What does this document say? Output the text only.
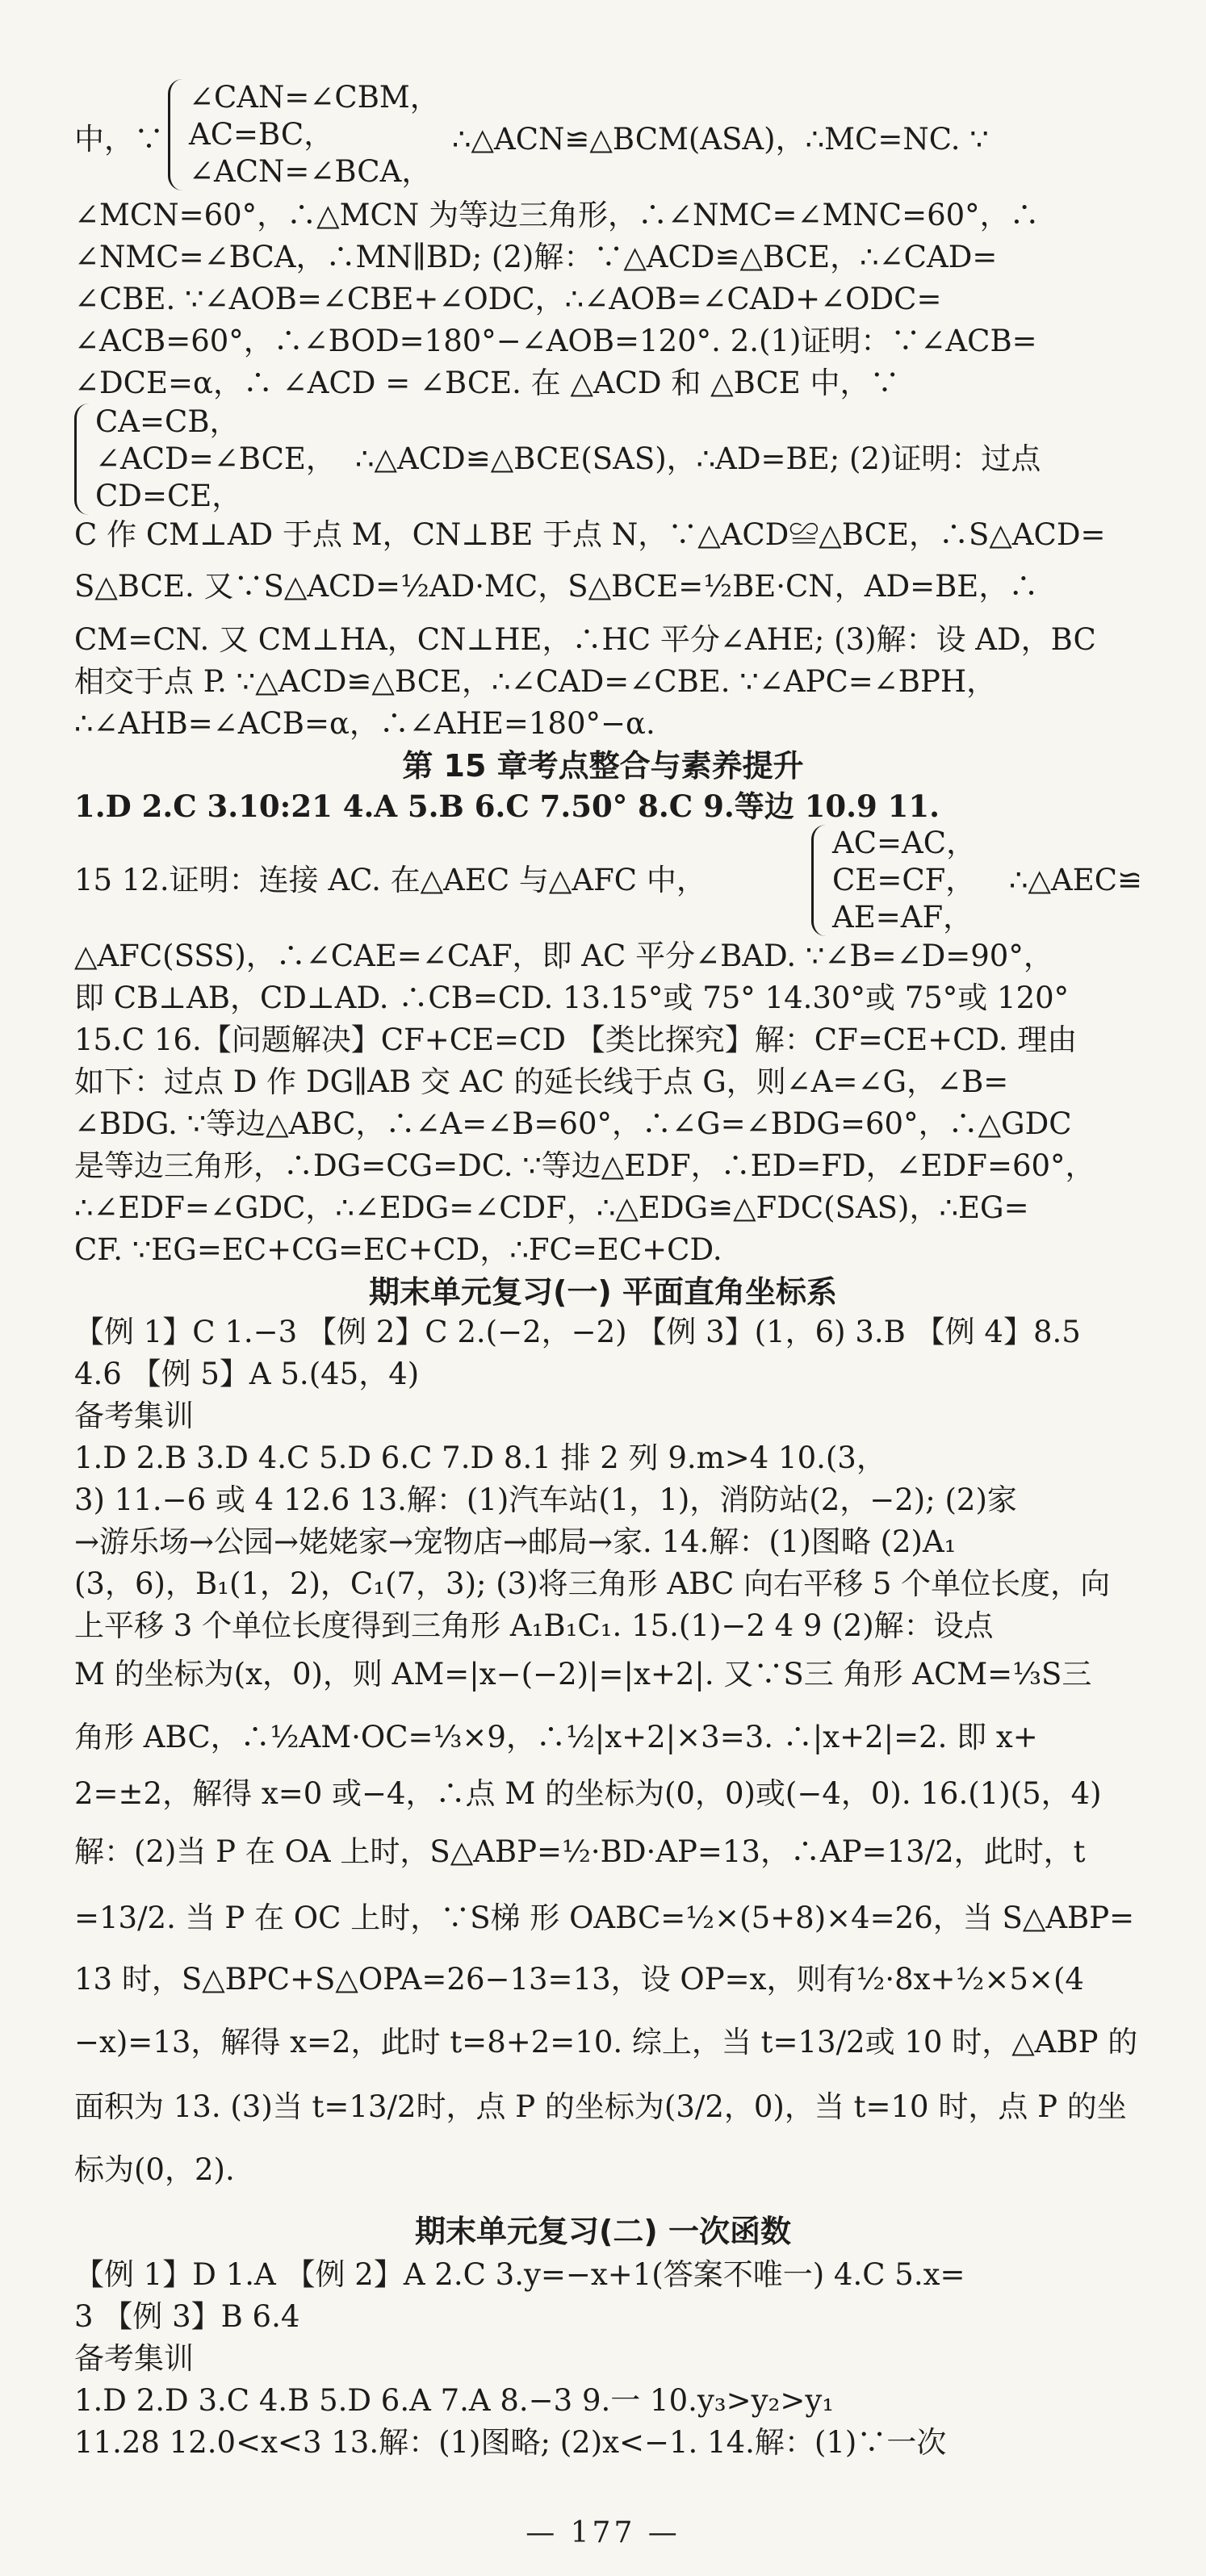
∠CAN=∠CBM，
AC=BC，
∠ACN=∠BCA，
中，∵	∴△ACN≌△BCM(ASA)，∴MC=NC. ∵
∠MCN=60°，∴△MCN 为等边三角形，∴∠NMC=∠MNC=60°，∴
∠NMC=∠BCA，∴MN∥BD; (2)解：∵△ACD≌△BCE，∴∠CAD=
∠CBE. ∵∠AOB=∠CBE+∠ODC，∴∠AOB=∠CAD+∠ODC=
∠ACB=60°，∴∠BOD=180°−∠AOB=120°. 2.(1)证明：∵∠ACB=
∠DCE=α，∴ ∠ACD = ∠BCE. 在 △ACD 和 △BCE 中，∵
CA=CB，
∠ACD=∠BCE，
CD=CE，
∴△ACD≌△BCE(SAS)，∴AD=BE; (2)证明：过点
C 作 CM⊥AD 于点 M，CN⊥BE 于点 N，∵△ACD≌△BCE，∴S△ACD=
S△BCE. 又∵S△ACD=½AD·MC，S△BCE=½BE·CN，AD=BE，∴
CM=CN. 又 CM⊥HA，CN⊥HE，∴HC 平分∠AHE; (3)解：设 AD，BC
相交于点 P. ∵△ACD≌△BCE，∴∠CAD=∠CBE. ∵∠APC=∠BPH，
∴∠AHB=∠ACB=α，∴∠AHE=180°−α.
第 15 章考点整合与素养提升
1.D 2.C 3.10:21 4.A 5.B 6.C 7.50° 8.C 9.等边 10.9 11.
AC=AC，
CE=CF，
AE=AF，
15 12.证明：连接 AC. 在△AEC 与△AFC 中，	∴△AEC≌
△AFC(SSS)，∴∠CAE=∠CAF，即 AC 平分∠BAD. ∵∠B=∠D=90°，
即 CB⊥AB，CD⊥AD. ∴CB=CD. 13.15°或 75° 14.30°或 75°或 120°
15.C 16.【问题解决】CF+CE=CD 【类比探究】解：CF=CE+CD. 理由
如下：过点 D 作 DG∥AB 交 AC 的延长线于点 G，则∠A=∠G，∠B=
∠BDG. ∵等边△ABC，∴∠A=∠B=60°，∴∠G=∠BDG=60°，∴△GDC
是等边三角形，∴DG=CG=DC. ∵等边△EDF，∴ED=FD，∠EDF=60°，
∴∠EDF=∠GDC，∴∠EDG=∠CDF，∴△EDG≌△FDC(SAS)，∴EG=
CF. ∵EG=EC+CG=EC+CD，∴FC=EC+CD.
期末单元复习(一) 平面直角坐标系
【例 1】C 1.−3 【例 2】C 2.(−2，−2) 【例 3】(1，6) 3.B 【例 4】8.5
4.6 【例 5】A 5.(45，4)
备考集训
1.D 2.B 3.D 4.C 5.D 6.C 7.D 8.1 排 2 列 9.m>4 10.(3，
3) 11.−6 或 4 12.6 13.解：(1)汽车站(1，1)，消防站(2，−2); (2)家
→游乐场→公园→姥姥家→宠物店→邮局→家. 14.解：(1)图略 (2)A₁
(3，6)，B₁(1，2)，C₁(7，3); (3)将三角形 ABC 向右平移 5 个单位长度，向
上平移 3 个单位长度得到三角形 A₁B₁C₁. 15.(1)−2 4 9 (2)解：设点
M 的坐标为(x，0)，则 AM=|x−(−2)|=|x+2|. 又∵S三 角形 ACM=⅓S三
角形 ABC，∴½AM·OC=⅓×9，∴½|x+2|×3=3. ∴|x+2|=2. 即 x+
2=±2，解得 x=0 或−4，∴点 M 的坐标为(0，0)或(−4，0). 16.(1)(5，4)
解：(2)当 P 在 OA 上时，S△ABP=½·BD·AP=13，∴AP=13/2，此时，t
=13/2. 当 P 在 OC 上时，∵S梯 形 OABC=½×(5+8)×4=26，当 S△ABP=
13 时，S△BPC+S△OPA=26−13=13，设 OP=x，则有½·8x+½×5×(4
−x)=13，解得 x=2，此时 t=8+2=10. 综上，当 t=13/2或 10 时，△ABP 的
面积为 13. (3)当 t=13/2时，点 P 的坐标为(3/2，0)，当 t=10 时，点 P 的坐
标为(0，2).
期末单元复习(二) 一次函数
【例 1】D 1.A 【例 2】A 2.C 3.y=−x+1(答案不唯一) 4.C 5.x=
3 【例 3】B 6.4
备考集训
1.D 2.D 3.C 4.B 5.D 6.A 7.A 8.−3 9.一 10.y₃>y₂>y₁
11.28 12.0<x<3 13.解：(1)图略; (2)x<−1. 14.解：(1)∵一次
— 177 —
